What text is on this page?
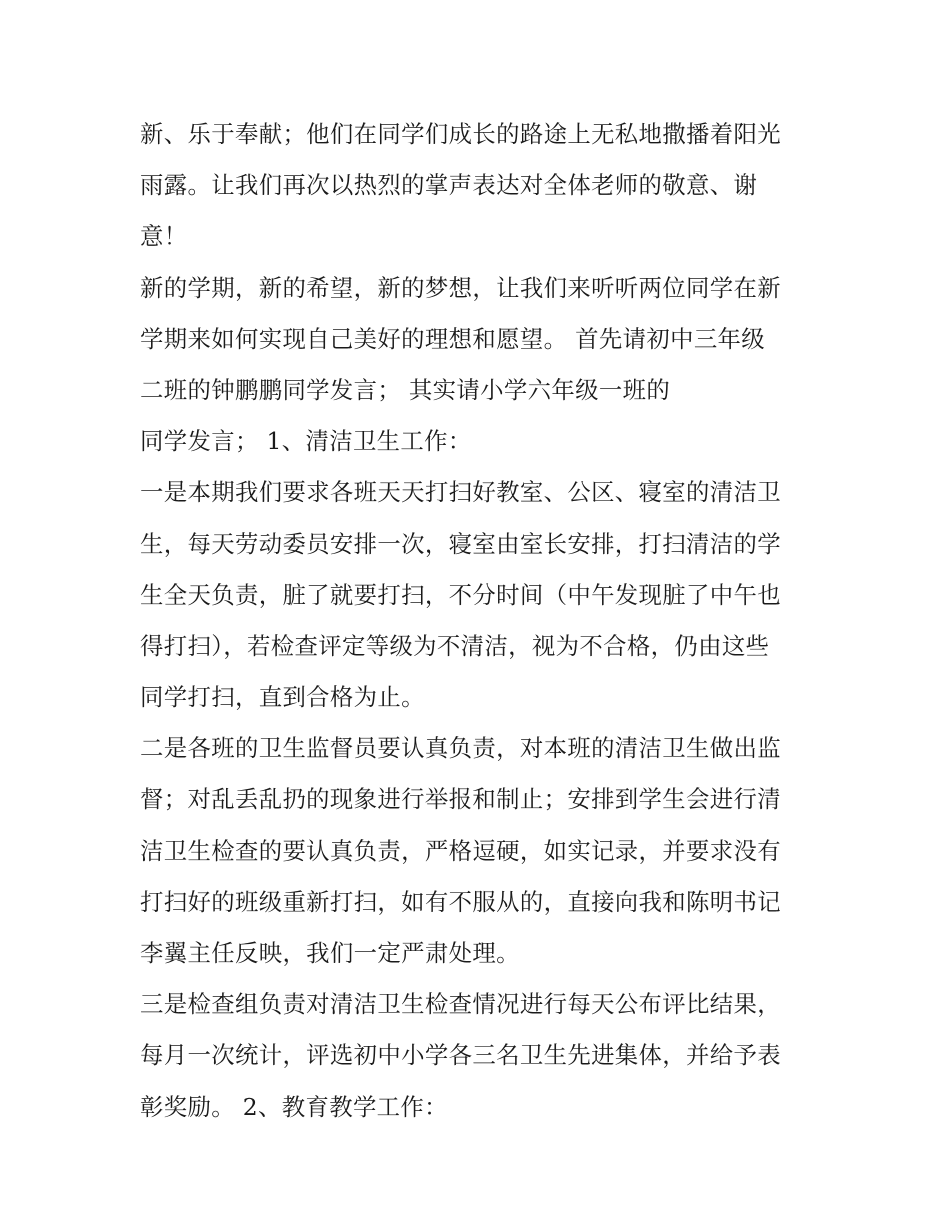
新、乐于奉献；他们在同学们成长的路途上无私地撒播着阳光
雨露。让我们再次以热烈的掌声表达对全体老师的敬意、谢
意！
新的学期，新的希望，新的梦想，让我们来听听两位同学在新
学期来如何实现自己美好的理想和愿望。 首先请初中三年级
二班的钟鹏鹏同学发言； 其实请小学六年级一班的
同学发言； 1、清洁卫生工作：
一是本期我们要求各班天天打扫好教室、公区、寝室的清洁卫
生，每天劳动委员安排一次，寝室由室长安排，打扫清洁的学
生全天负责，脏了就要打扫，不分时间（中午发现脏了中午也
得打扫），若检查评定等级为不清洁，视为不合格，仍由这些
同学打扫，直到合格为止。
二是各班的卫生监督员要认真负责，对本班的清洁卫生做出监
督；对乱丢乱扔的现象进行举报和制止；安排到学生会进行清
洁卫生检查的要认真负责，严格逗硬，如实记录，并要求没有
打扫好的班级重新打扫，如有不服从的，直接向我和陈明书记
李翼主任反映，我们一定严肃处理。
三是检查组负责对清洁卫生检查情况进行每天公布评比结果，
每月一次统计，评选初中小学各三名卫生先进集体，并给予表
彰奖励。 2、教育教学工作：
